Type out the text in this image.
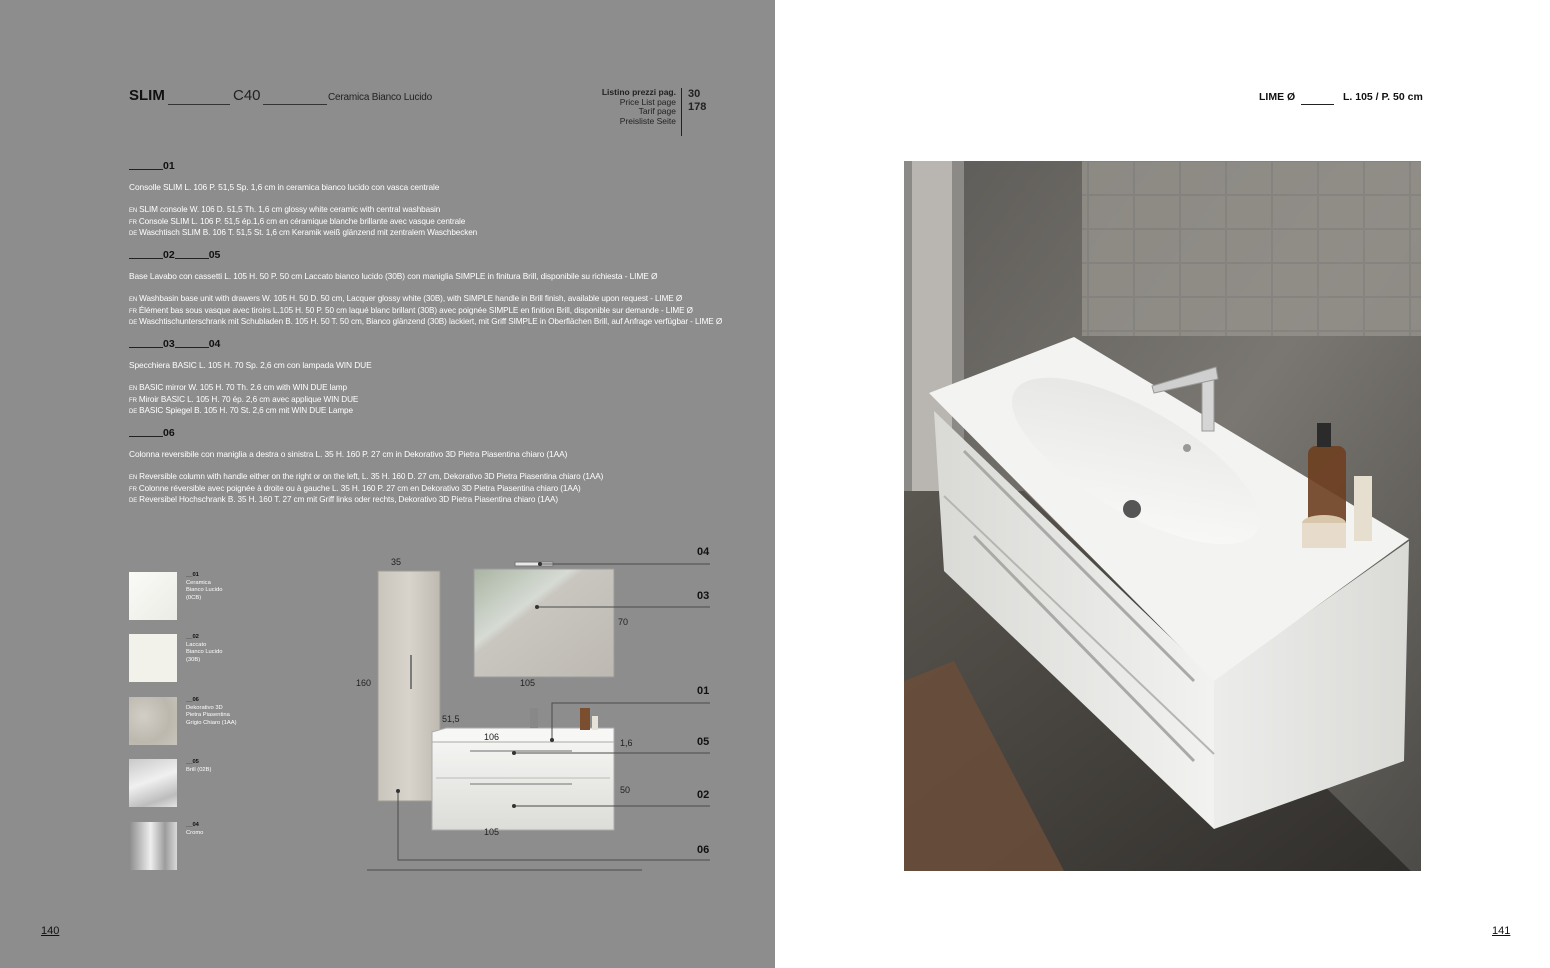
SLIM	C40	Ceramica Bianco Lucido	Listino prezzi pag.
Price List page
Tarif page
Preisliste Seite
30
178
01
Consolle SLIM L. 106 P. 51,5 Sp. 1,6 cm in ceramica bianco lucido con vasca centrale
EN SLIM console W. 106 D. 51,5 Th. 1,6 cm glossy white ceramic with central washbasin
FR Console SLIM L. 106 P. 51,5 ép.1,6 cm en céramique blanche brillante avec vasque centrale
DE Waschtisch SLIM B. 106 T. 51,5 St. 1,6 cm Keramik weiß glänzend mit zentralem Waschbecken
02	05
Base Lavabo con cassetti L. 105 H. 50 P. 50 cm Laccato bianco lucido (30B) con maniglia SIMPLE in finitura Brill, disponibile su richiesta - LIME Ø
EN Washbasin base unit with drawers W. 105 H. 50 D. 50 cm, Lacquer glossy white (30B), with SIMPLE handle in Brill finish, available upon request - LIME Ø
FR Élément bas sous vasque avec tiroirs L.105 H. 50 P. 50 cm laqué blanc brillant (30B) avec poignée SIMPLE en finition Brill, disponible sur demande - LIME Ø
DE Waschtischunterschrank mit Schubladen B. 105 H. 50 T. 50 cm, Bianco glänzend (30B) lackiert, mit Griff SIMPLE in Oberflächen Brill, auf Anfrage verfügbar - LIME Ø
03	04
Specchiera BASIC L. 105 H. 70 Sp. 2,6 cm con lampada WIN DUE
EN BASIC mirror W. 105 H. 70 Th. 2.6 cm with WIN DUE lamp
FR Miroir BASIC L. 105 H. 70 ép. 2,6 cm avec applique WIN DUE
DE BASIC Spiegel B. 105 H. 70 St. 2,6 cm mit WIN DUE Lampe
06
Colonna reversibile con maniglia a destra o sinistra L. 35 H. 160 P. 27 cm in Dekorativo 3D Pietra Piasentina chiaro (1AA)
EN Reversible column with handle either on the right or on the left, L. 35 H. 160 D. 27 cm, Dekorativo 3D Pietra Piasentina chiaro (1AA)
FR Colonne réversible avec poignée à droite ou à gauche L. 35 H. 160 P. 27 cm en Dekorativo 3D Pietra Piasentina chiaro (1AA)
DE Reversibel Hochschrank B. 35 H. 160 T. 27 cm mit Griff links oder rechts, Dekorativo 3D Pietra Piasentina chiaro (1AA)
__01
Ceramica
Bianco Lucido
(0CB)
__02
Laccato
Bianco Lucido
(30B)
__06
Dekorativo 3D
Pietra Piasentina
Grigio Chiaro (1AA)
__05
Brill (02B)
__04
Cromo
35
160
70
105
51,5
106
1,6
50
105
04
03
01
05
02
06
140
LIME Ø	L. 105 / P. 50 cm
141
